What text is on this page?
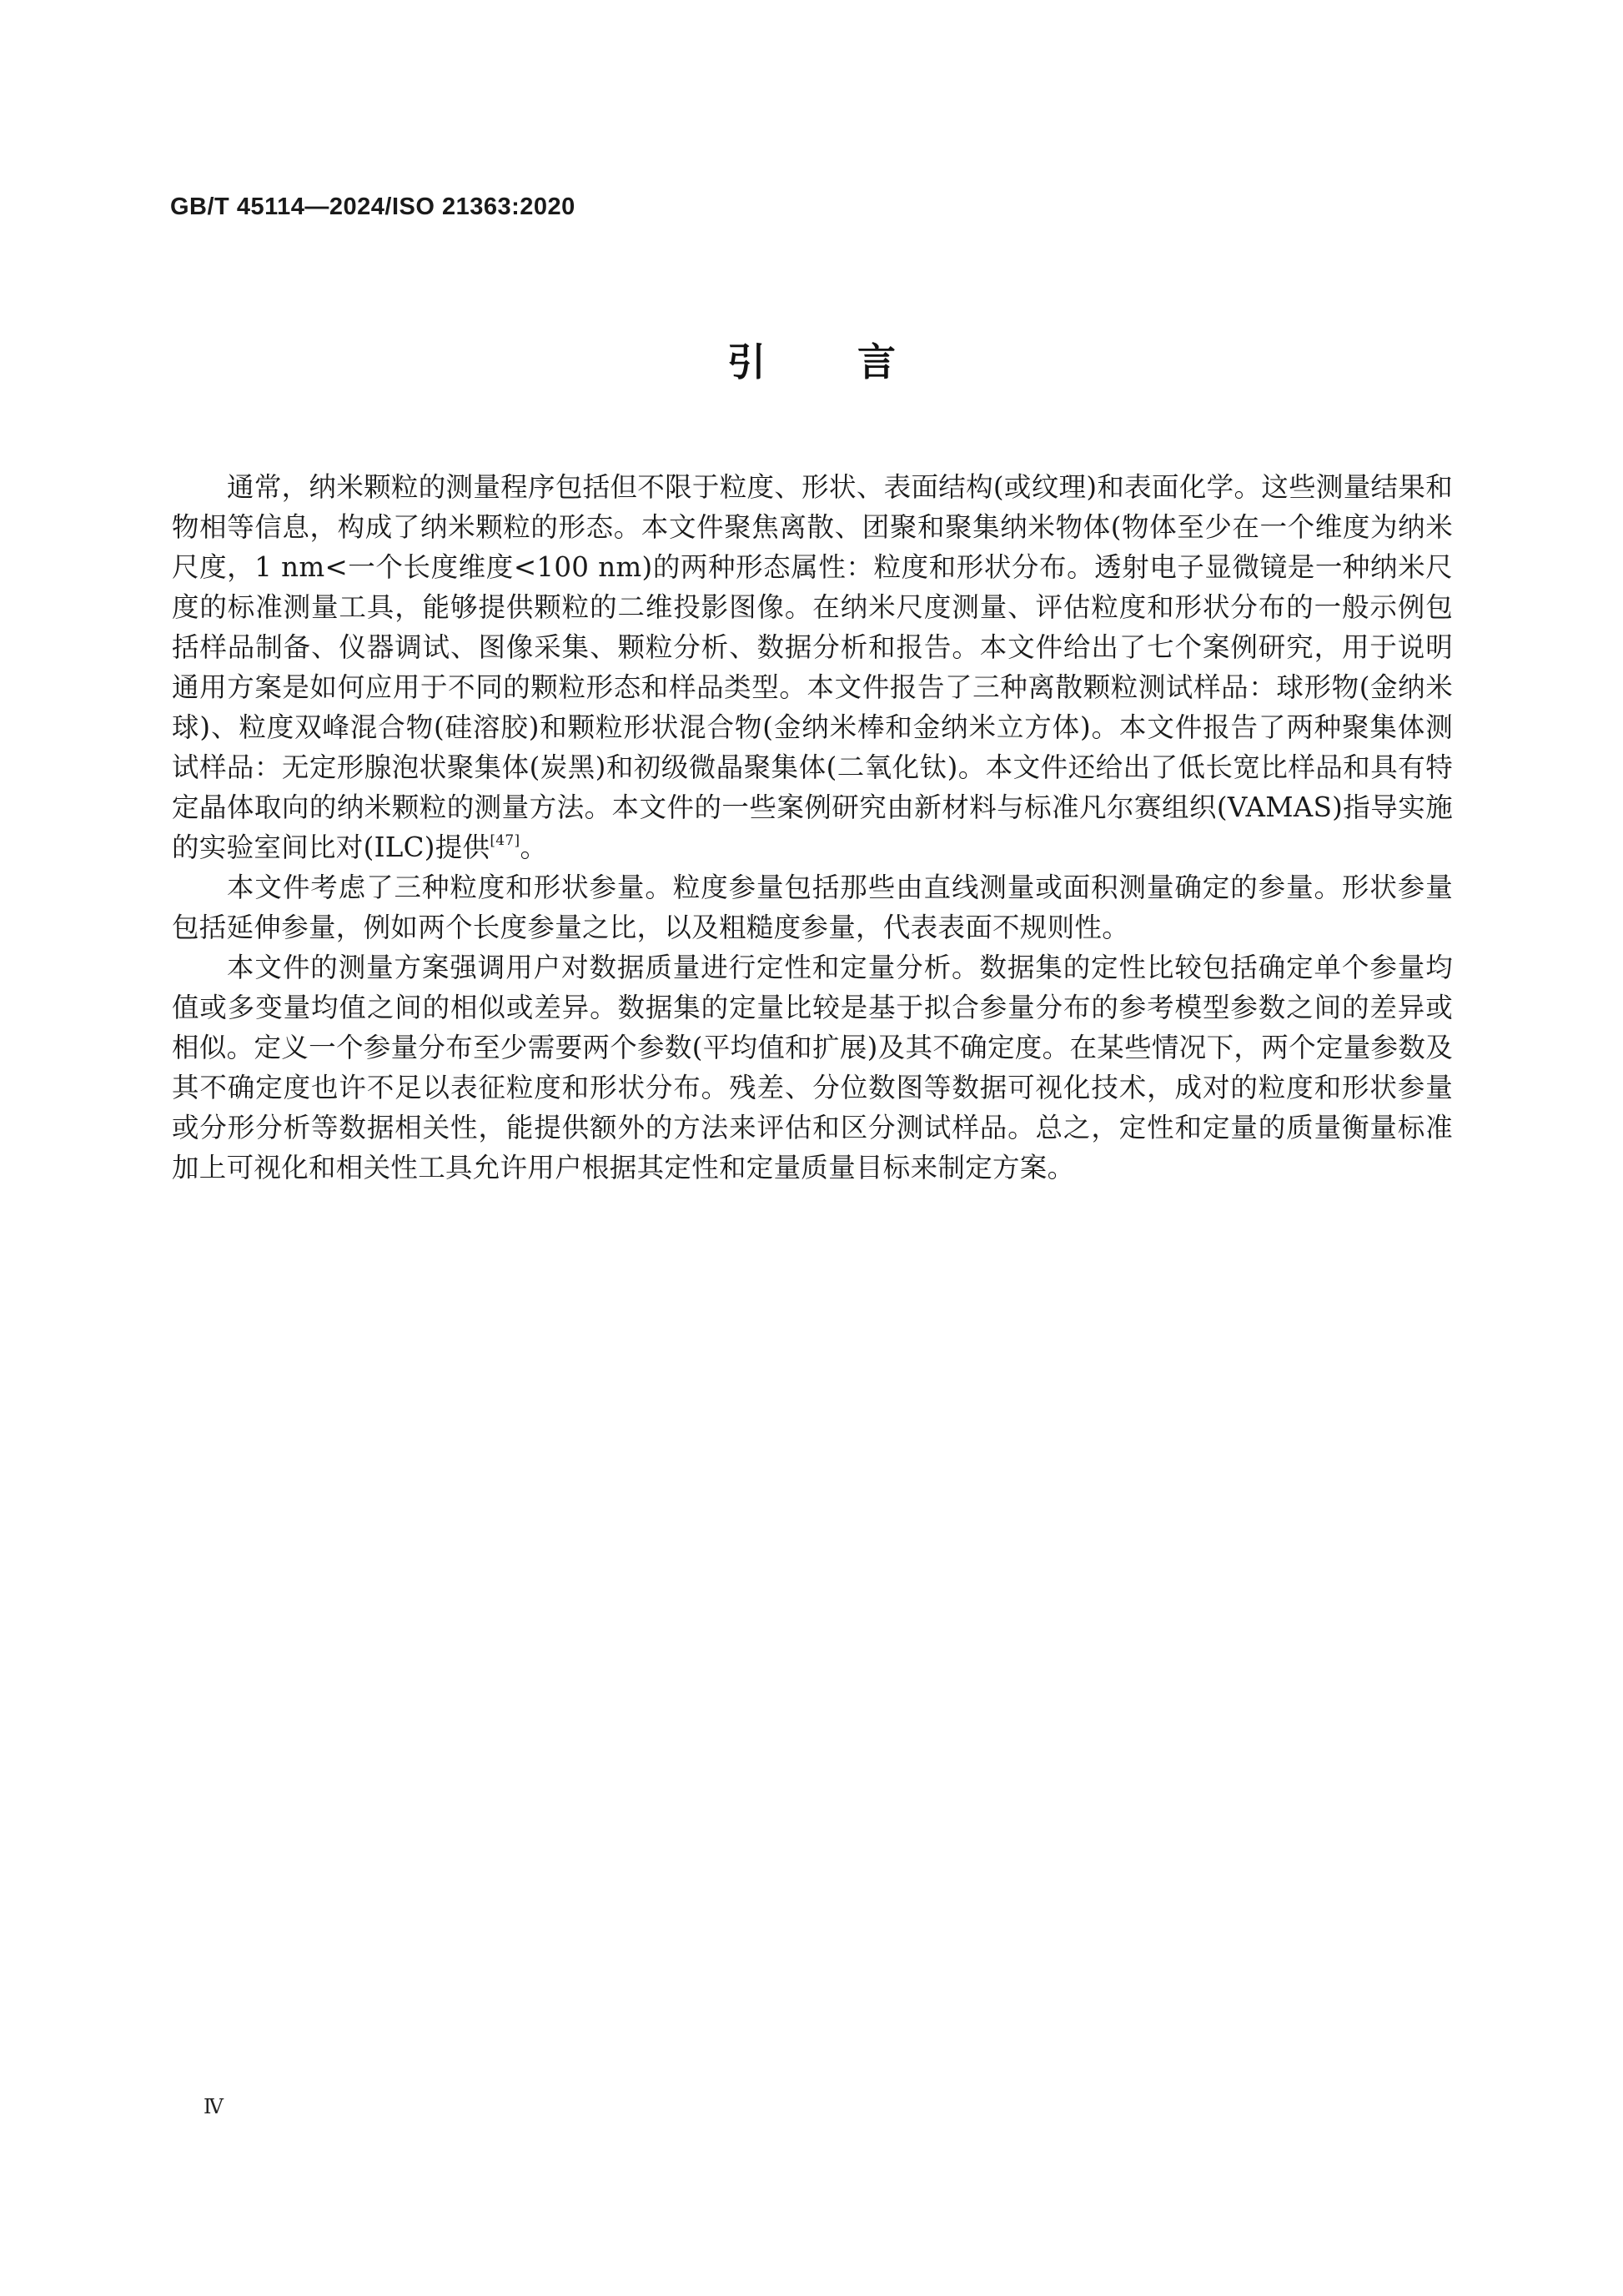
GB/T 45114—2024/ISO 21363:2020
引言

通常，纳米颗粒的测量程序包括但不限于粒度、形状、表面结构(或纹理)和表面化学。这些测量结果和物相等信息，构成了纳米颗粒的形态。本文件聚焦离散、团聚和聚集纳米物体(物体至少在一个维度为纳米尺度，1 nm<一个长度维度<100 nm)的两种形态属性：粒度和形状分布。透射电子显微镜是一种纳米尺度的标准测量工具，能够提供颗粒的二维投影图像。在纳米尺度测量、评估粒度和形状分布的一般示例包括样品制备、仪器调试、图像采集、颗粒分析、数据分析和报告。本文件给出了七个案例研究，用于说明通用方案是如何应用于不同的颗粒形态和样品类型。本文件报告了三种离散颗粒测试样品：球形物(金纳米球)、粒度双峰混合物(硅溶胶)和颗粒形状混合物(金纳米棒和金纳米立方体)。本文件报告了两种聚集体测试样品：无定形腺泡状聚集体(炭黑)和初级微晶聚集体(二氧化钛)。本文件还给出了低长宽比样品和具有特定晶体取向的纳米颗粒的测量方法。本文件的一些案例研究由新材料与标准凡尔赛组织(VAMAS)指导实施的实验室间比对(ILC)提供[47]。

本文件考虑了三种粒度和形状参量。粒度参量包括那些由直线测量或面积测量确定的参量。形状参量包括延伸参量，例如两个长度参量之比，以及粗糙度参量，代表表面不规则性。

本文件的测量方案强调用户对数据质量进行定性和定量分析。数据集的定性比较包括确定单个参量均值或多变量均值之间的相似或差异。数据集的定量比较是基于拟合参量分布的参考模型参数之间的差异或相似。定义一个参量分布至少需要两个参数(平均值和扩展)及其不确定度。在某些情况下，两个定量参数及其不确定度也许不足以表征粒度和形状分布。残差、分位数图等数据可视化技术，成对的粒度和形状参量或分形分析等数据相关性，能提供额外的方法来评估和区分测试样品。总之，定性和定量的质量衡量标准加上可视化和相关性工具允许用户根据其定性和定量质量目标来制定方案。

Ⅳ
